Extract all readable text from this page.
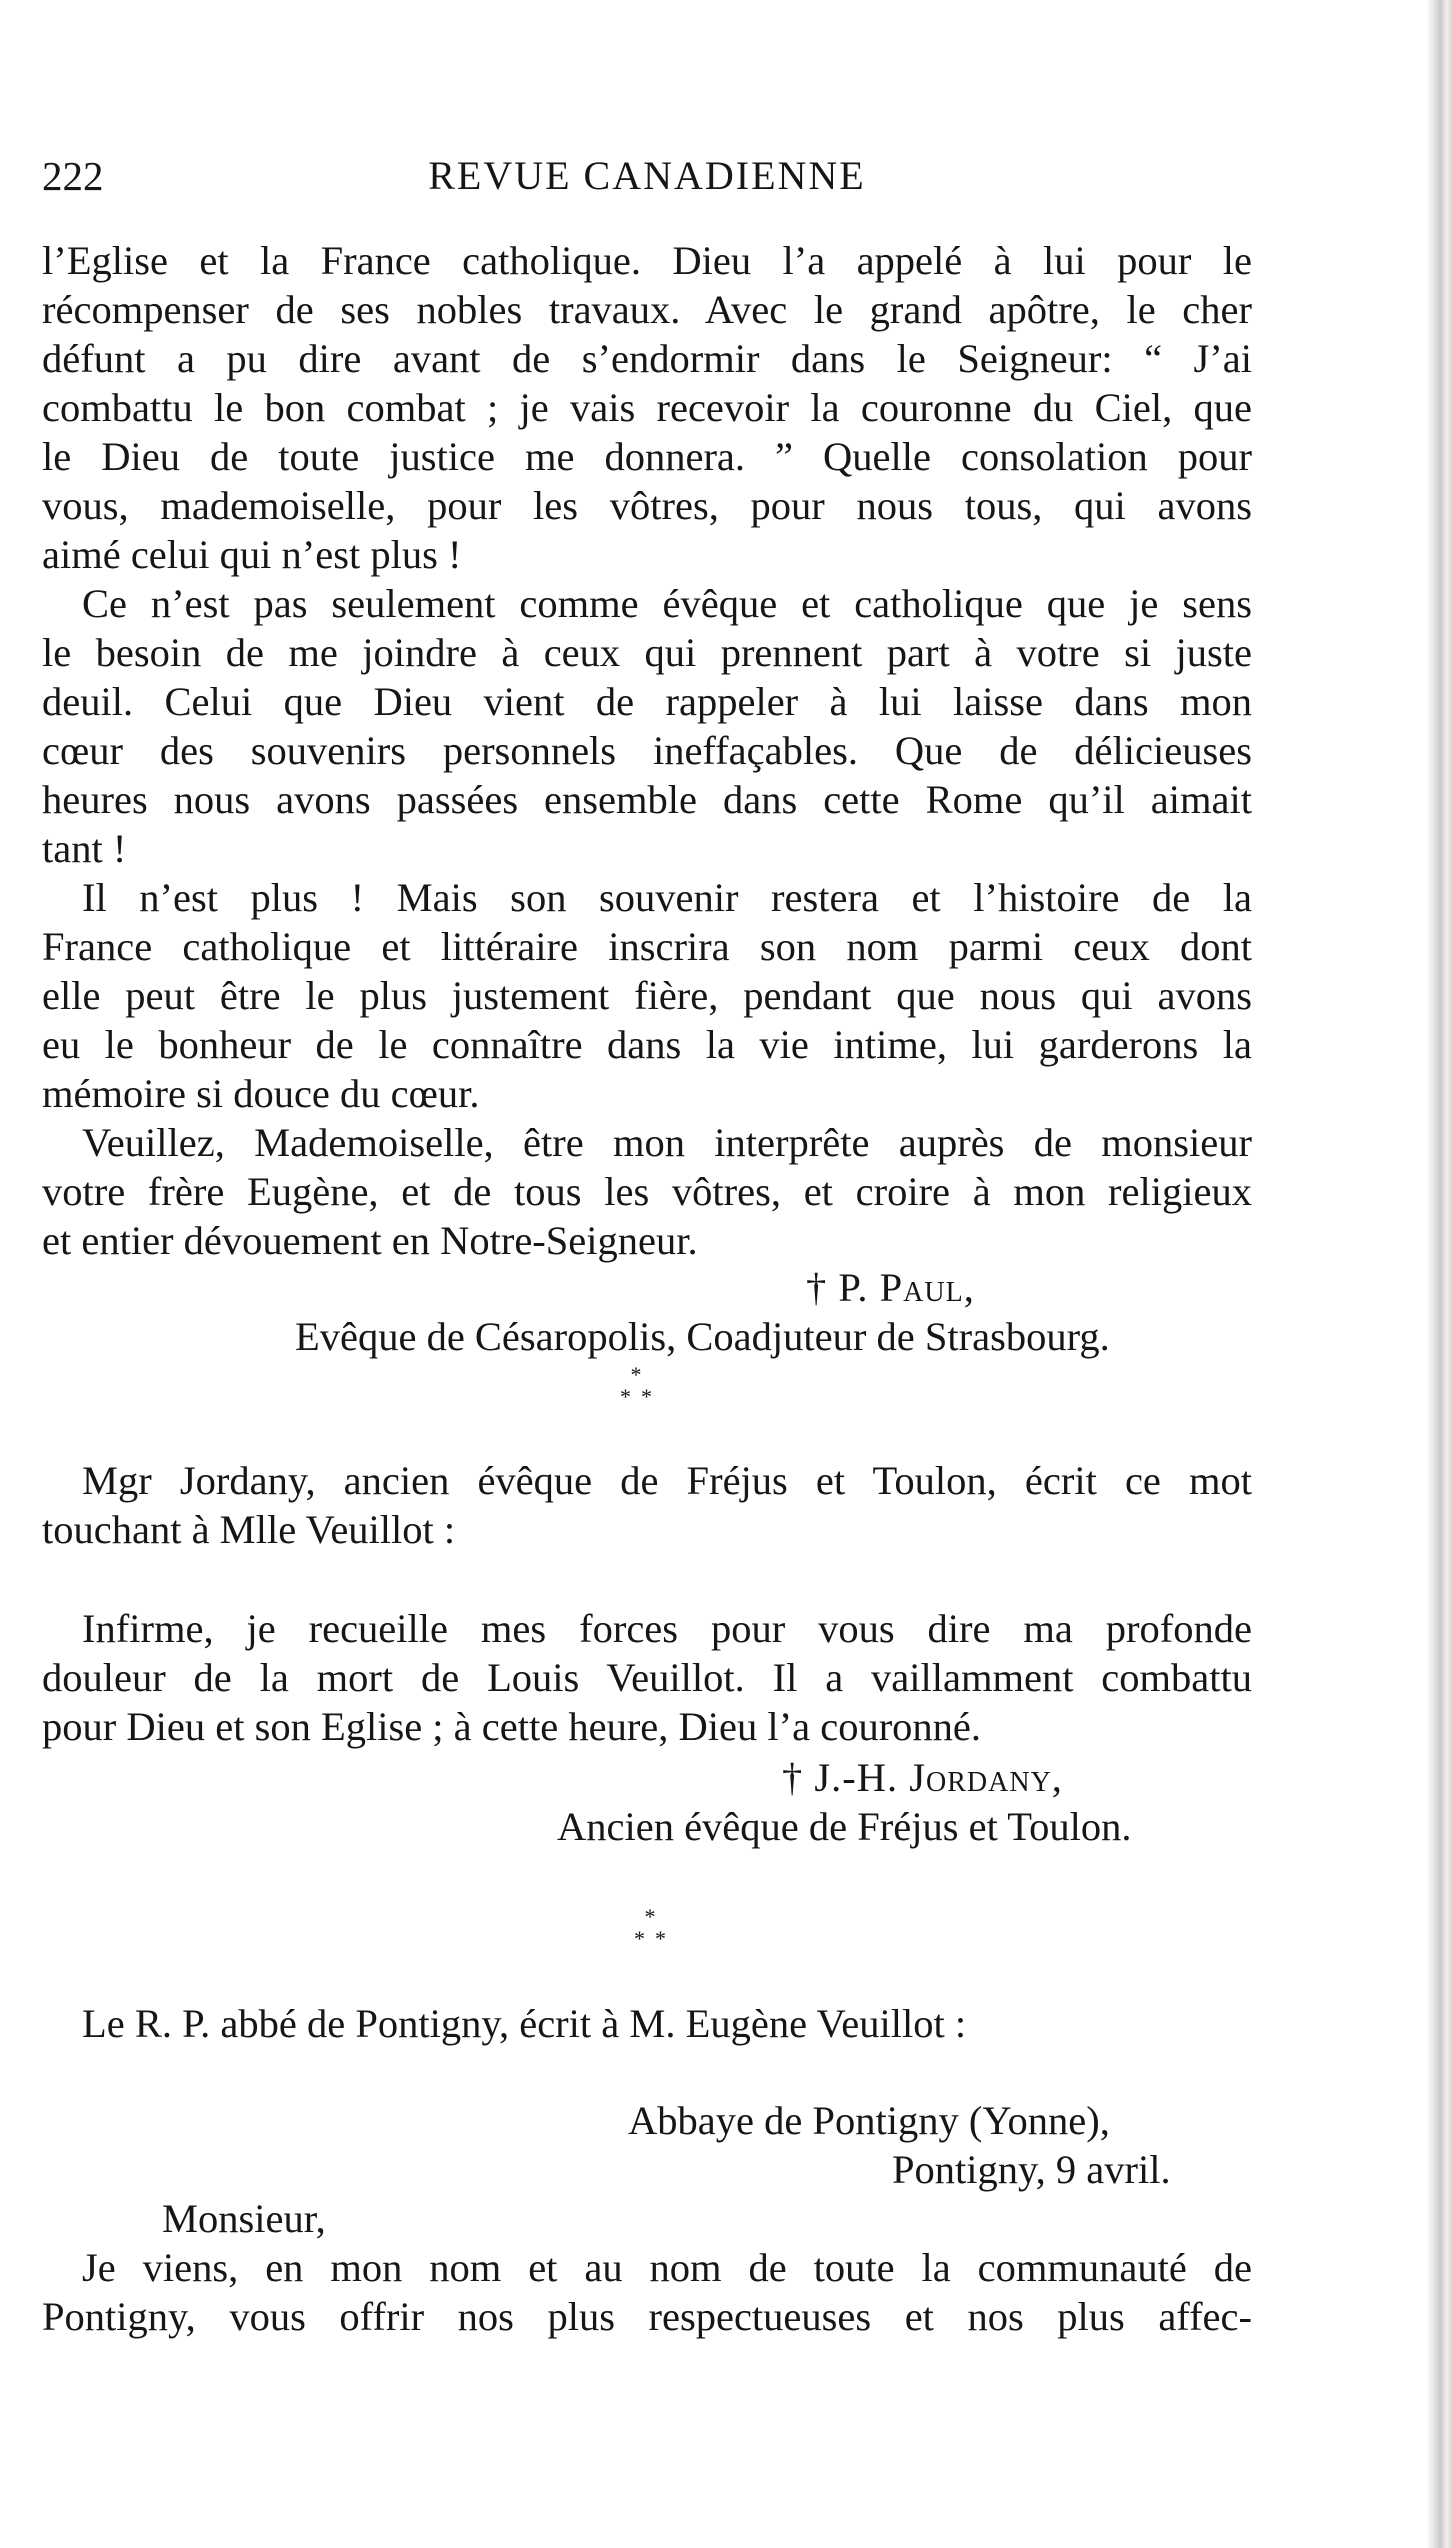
222	REVUE CANADIENNE
l’Eglise et la France catholique. Dieu l’a appelé à lui pour le
récompenser de ses nobles travaux. Avec le grand apôtre, le cher
défunt a pu dire avant de s’endormir dans le Seigneur: “ J’ai
combattu le bon combat ; je vais recevoir la couronne du Ciel, que
le Dieu de toute justice me donnera. ” Quelle consolation pour
vous, mademoiselle, pour les vôtres, pour nous tous, qui avons
aimé celui qui n’est plus !
Ce n’est pas seulement comme évêque et catholique que je sens
le besoin de me joindre à ceux qui prennent part à votre si juste
deuil. Celui que Dieu vient de rappeler à lui laisse dans mon
cœur des souvenirs personnels ineffaçables. Que de délicieuses
heures nous avons passées ensemble dans cette Rome qu’il aimait
tant !
Il n’est plus ! Mais son souvenir restera et l’histoire de la
France catholique et littéraire inscrira son nom parmi ceux dont
elle peut être le plus justement fière, pendant que nous qui avons
eu le bonheur de le connaître dans la vie intime, lui garderons la
mémoire si douce du cœur.
Veuillez, Mademoiselle, être mon interprête auprès de monsieur
votre frère Eugène, et de tous les vôtres, et croire à mon religieux
et entier dévouement en Notre-Seigneur.
† P. Paul,
Evêque de Césaropolis, Coadjuteur de Strasbourg.
*
**
Mgr Jordany, ancien évêque de Fréjus et Toulon, écrit ce mot
touchant à Mlle Veuillot :
Infirme, je recueille mes forces pour vous dire ma profonde
douleur de la mort de Louis Veuillot. Il a vaillamment combattu
pour Dieu et son Eglise ; à cette heure, Dieu l’a couronné.
† J.-H. Jordany,
Ancien évêque de Fréjus et Toulon.
*
**
Le R. P. abbé de Pontigny, écrit à M. Eugène Veuillot :
Abbaye de Pontigny (Yonne),
Pontigny, 9 avril.
Monsieur,
Je viens, en mon nom et au nom de toute la communauté de
Pontigny, vous offrir nos plus respectueuses et nos plus affec-
